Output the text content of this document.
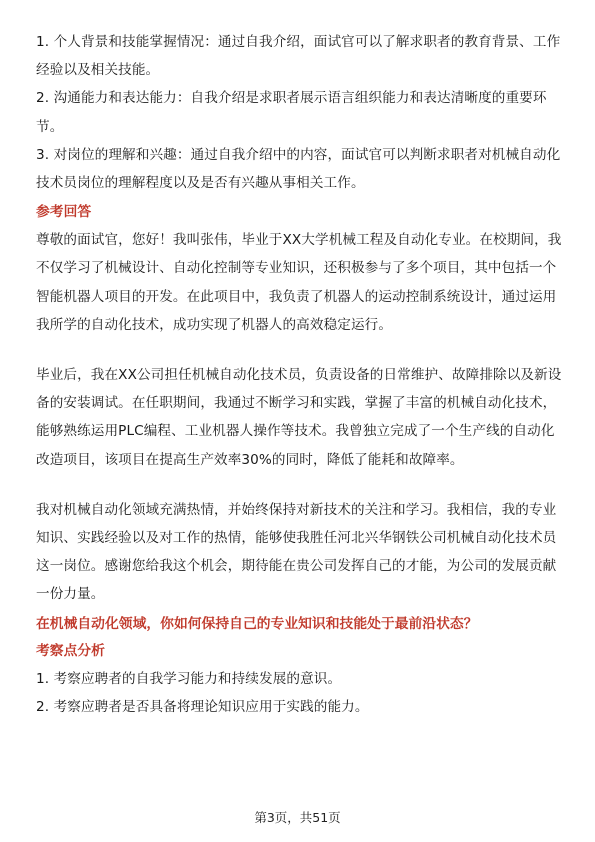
1. 个人背景和技能掌握情况：通过自我介绍，面试官可以了解求职者的教育背景、工作经验以及相关技能。

2. 沟通能力和表达能力：自我介绍是求职者展示语言组织能力和表达清晰度的重要环节。

3. 对岗位的理解和兴趣：通过自我介绍中的内容，面试官可以判断求职者对机械自动化技术员岗位的理解程度以及是否有兴趣从事相关工作。

参考回答

尊敬的面试官，您好！我叫张伟，毕业于XX大学机械工程及自动化专业。在校期间，我不仅学习了机械设计、自动化控制等专业知识，还积极参与了多个项目，其中包括一个智能机器人项目的开发。在此项目中，我负责了机器人的运动控制系统设计，通过运用我所学的自动化技术，成功实现了机器人的高效稳定运行。

毕业后，我在XX公司担任机械自动化技术员，负责设备的日常维护、故障排除以及新设备的安装调试。在任职期间，我通过不断学习和实践，掌握了丰富的机械自动化技术，能够熟练运用PLC编程、工业机器人操作等技术。我曾独立完成了一个生产线的自动化改造项目，该项目在提高生产效率30%的同时，降低了能耗和故障率。

我对机械自动化领域充满热情，并始终保持对新技术的关注和学习。我相信，我的专业知识、实践经验以及对工作的热情，能够使我胜任河北兴华钢铁公司机械自动化技术员这一岗位。感谢您给我这个机会，期待能在贵公司发挥自己的才能，为公司的发展贡献一份力量。

在机械自动化领域，你如何保持自己的专业知识和技能处于最前沿状态？

考察点分析

1. 考察应聘者的自我学习能力和持续发展的意识。

2. 考察应聘者是否具备将理论知识应用于实践的能力。

第3页，共51页
